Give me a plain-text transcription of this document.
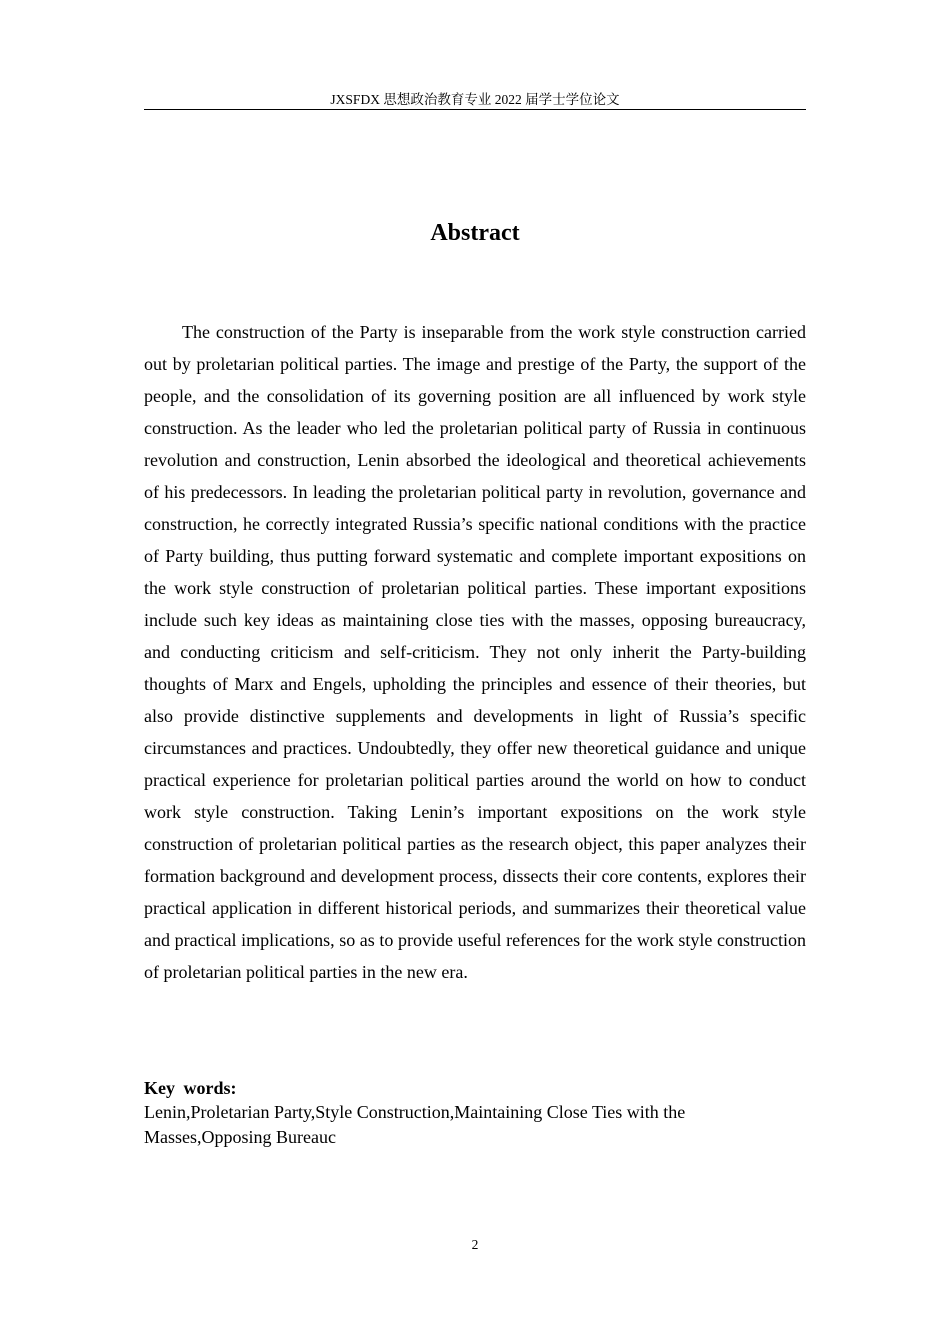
JXSFDX 思想政治教育专业 2022 届学士学位论文
Abstract

The construction of the Party is inseparable from the work style construction carried out by proletarian political parties. The image and prestige of the Party, the support of the people, and the consolidation of its governing position are all influenced by work style construction. As the leader who led the proletarian political party of Russia in continuous revolution and construction, Lenin absorbed the ideological and theoretical achievements of his predecessors. In leading the proletarian political party in revolution, governance and construction, he correctly integrated Russia’s specific national conditions with the practice of Party building, thus putting forward systematic and complete important expositions on the work style construction of proletarian political parties. These important expositions include such key ideas as maintaining close ties with the masses, opposing bureaucracy, and conducting criticism and self-criticism. They not only inherit the Party-building thoughts of Marx and Engels, upholding the principles and essence of their theories, but also provide distinctive supplements and developments in light of Russia’s specific circumstances and practices. Undoubtedly, they offer new theoretical guidance and unique practical experience for proletarian political parties around the world on how to conduct work style construction. Taking Lenin’s important expositions on the work style construction of proletarian political parties as the research object, this paper analyzes their formation background and development process, dissects their core contents, explores their practical application in different historical periods, and summarizes their theoretical value and practical implications, so as to provide useful references for the work style construction of proletarian political parties in the new era.

Key words:
Lenin,Proletarian Party,Style Construction,Maintaining Close Ties with the Masses,Opposing Bureauc
2
